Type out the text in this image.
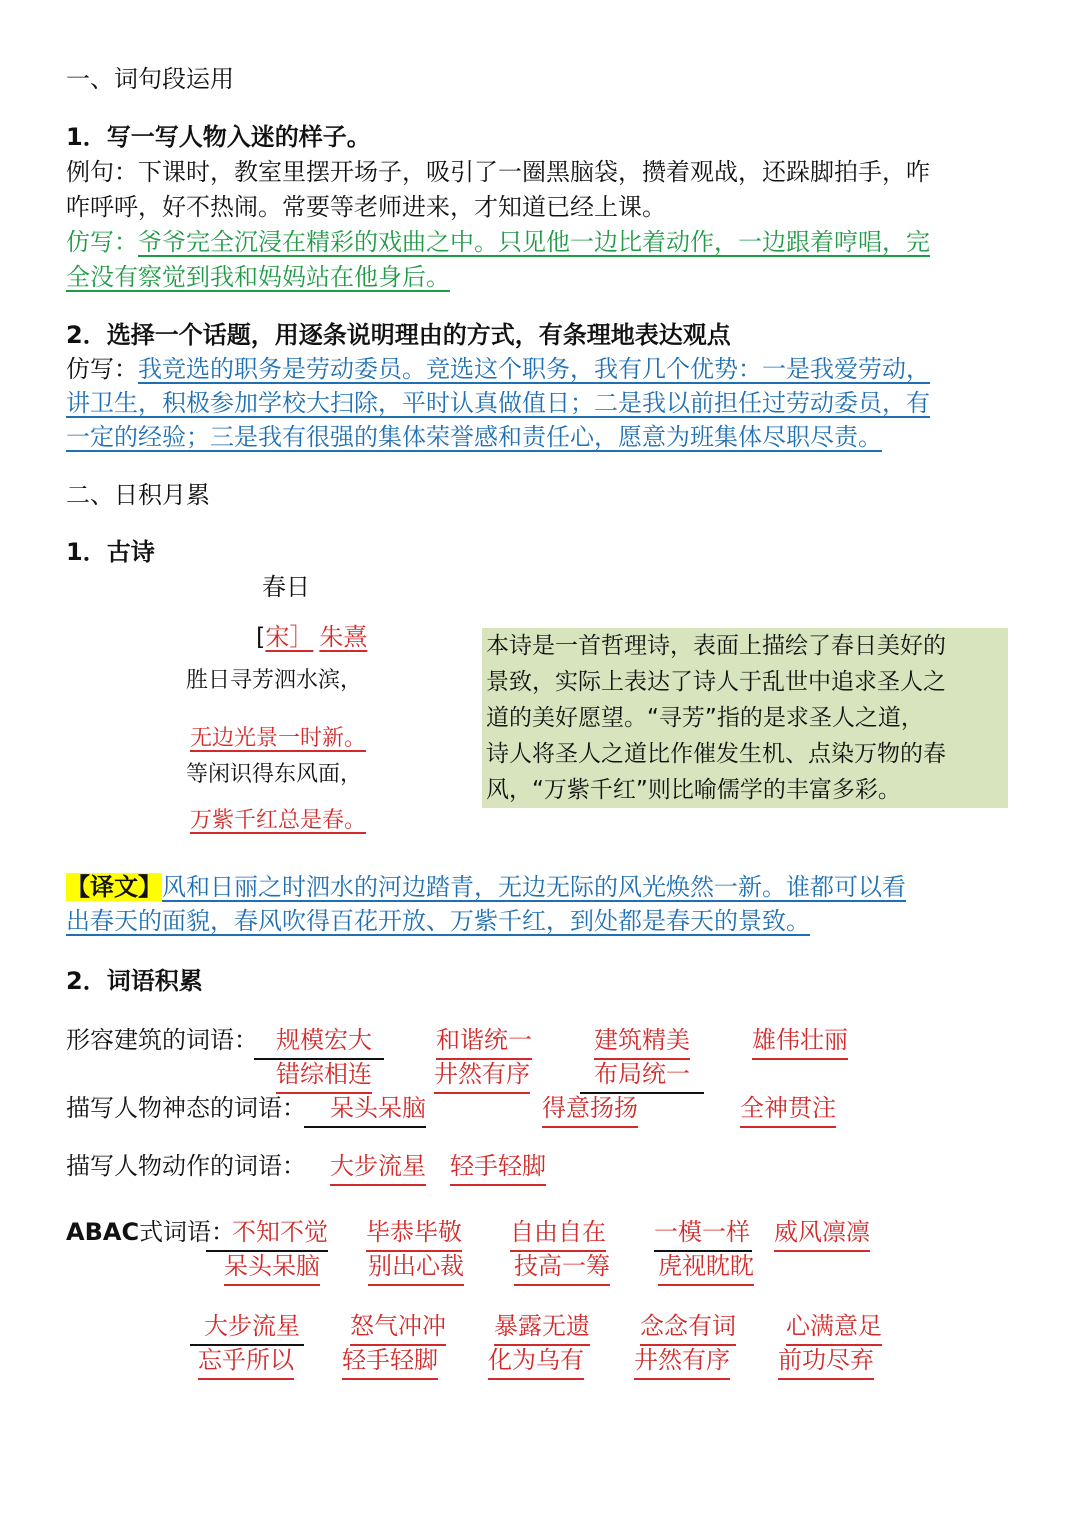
一、词句段运用
1．写一写人物入迷的样子。
例句：下课时，教室里摆开场子，吸引了一圈黑脑袋，攒着观战，还跺脚拍手，咋
咋呼呼，好不热闹。常要等老师进来，才知道已经上课。
仿写：爷爷完全沉浸在精彩的戏曲之中。只见他一边比着动作，一边跟着哼唱，完
全没有察觉到我和妈妈站在他身后。
2．选择一个话题，用逐条说明理由的方式，有条理地表达观点
仿写：我竞选的职务是劳动委员。竞选这个职务，我有几个优势：一是我爱劳动，
讲卫生，积极参加学校大扫除，平时认真做值日；二是我以前担任过劳动委员，有
一定的经验；三是我有很强的集体荣誉感和责任心，愿意为班集体尽职尽责。
二、日积月累
1．古诗
春日
[宋］ 朱熹
胜日寻芳泗水滨，
无边光景一时新。
等闲识得东风面，
万紫千红总是春。

本诗是一首哲理诗，表面上描绘了春日美好的

景致，实际上表达了诗人于乱世中追求圣人之

道的美好愿望。“寻芳”指的是求圣人之道，

诗人将圣人之道比作催发生机、点染万物的春

风，“万紫千红”则比喻儒学的丰富多彩。

【译文】风和日丽之时泗水的河边踏青，无边无际的风光焕然一新。谁都可以看
出春天的面貌，春风吹得百花开放、万紫千红，到处都是春天的景致。
2．词语积累
形容建筑的词语： 规模宏大	和谐统一	建筑精美	雄伟壮丽
错综相连	井然有序	布局统一
描写人物神态的词语：	呆头呆脑	得意扬扬	全神贯注
描写人物动作的词语： 大步流星 轻手轻脚
ABAC式词语：
不知不觉 毕恭毕敬 自由自在 一模一样 威风凛凛
呆头呆脑 别出心裁 技高一筹 虎视眈眈
大步流星 怒气冲冲 暴露无遗 念念有词 心满意足
忘乎所以 轻手轻脚 化为乌有 井然有序 前功尽弃
